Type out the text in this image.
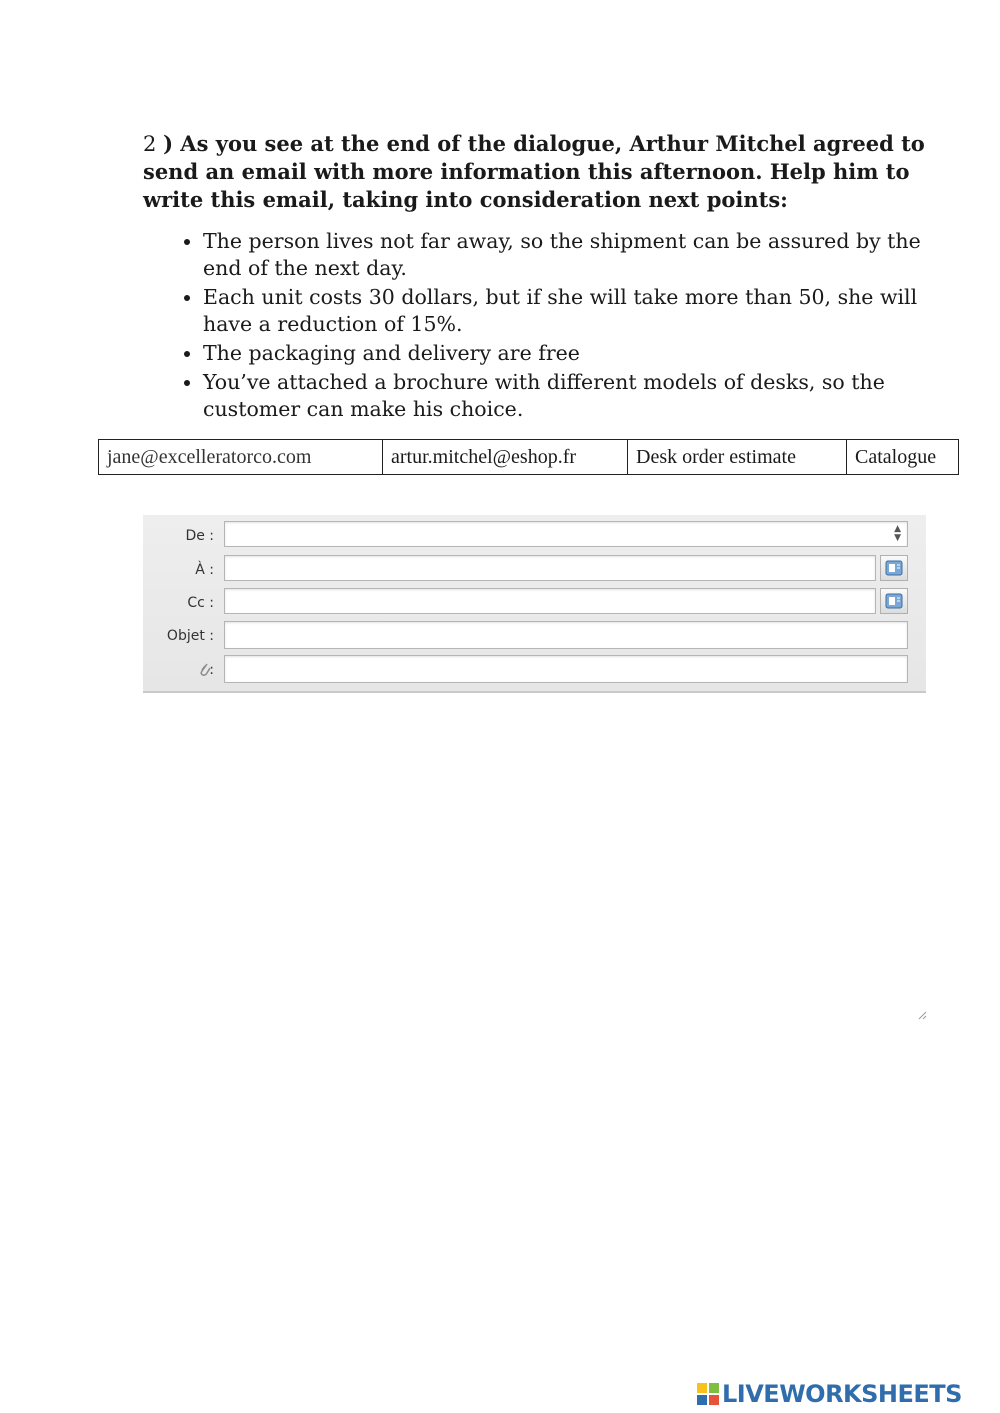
2 ) As you see at the end of the dialogue, Arthur Mitchel agreed to send an email with more information this afternoon. Help him to write this email, taking into consideration next points:

• The person lives not far away, so the shipment can be assured by the end of the next day.
• Each unit costs 30 dollars, but if she will take more than 50, she will have a reduction of 15%.
• The packaging and delivery are free
• You’ve attached a brochure with different models of desks, so the customer can make his choice.
jane@excelleratorco.com	artur.mitchel@eshop.fr	Desk order estimate	Catalogue
De :	▲
▼
À :
Cc :
Objet :
:
LIVEWORKSHEETS
